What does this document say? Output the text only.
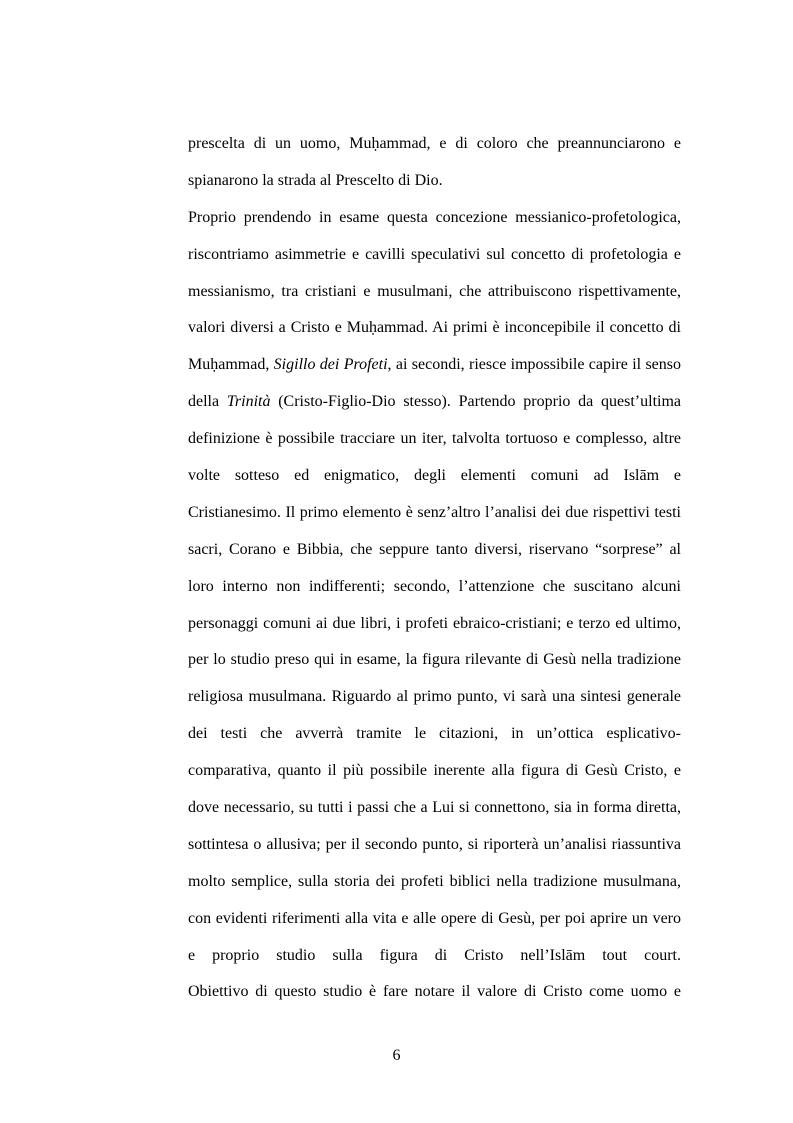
prescelta di un uomo, Muḥammad, e di coloro che preannunciarono e
spianarono la strada al Prescelto di Dio.
Proprio prendendo in esame questa concezione messianico-profetologica,
riscontriamo asimmetrie e cavilli speculativi sul concetto di profetologia e
messianismo, tra cristiani e musulmani, che attribuiscono rispettivamente,
valori diversi a Cristo e Muḥammad. Ai primi è inconcepibile il concetto di
Muḥammad, Sigillo dei Profeti, ai secondi, riesce impossibile capire il senso
della Trinità (Cristo-Figlio-Dio stesso). Partendo proprio da quest’ultima
definizione è possibile tracciare un iter, talvolta tortuoso e complesso, altre
volte sotteso ed enigmatico, degli elementi comuni ad Islām e
Cristianesimo. Il primo elemento è senz’altro l’analisi dei due rispettivi testi
sacri, Corano e Bibbia, che seppure tanto diversi, riservano “sorprese” al
loro interno non indifferenti; secondo, l’attenzione che suscitano alcuni
personaggi comuni ai due libri, i profeti ebraico-cristiani; e terzo ed ultimo,
per lo studio preso qui in esame, la figura rilevante di Gesù nella tradizione
religiosa musulmana. Riguardo al primo punto, vi sarà una sintesi generale
dei testi che avverrà tramite le citazioni, in un’ottica esplicativo-
comparativa, quanto il più possibile inerente alla figura di Gesù Cristo, e
dove necessario, su tutti i passi che a Lui si connettono, sia in forma diretta,
sottintesa o allusiva; per il secondo punto, si riporterà un’analisi riassuntiva
molto semplice, sulla storia dei profeti biblici nella tradizione musulmana,
con evidenti riferimenti alla vita e alle opere di Gesù, per poi aprire un vero
e proprio studio sulla figura di Cristo nell’Islām tout court.
Obiettivo di questo studio è fare notare il valore di Cristo come uomo e
6
